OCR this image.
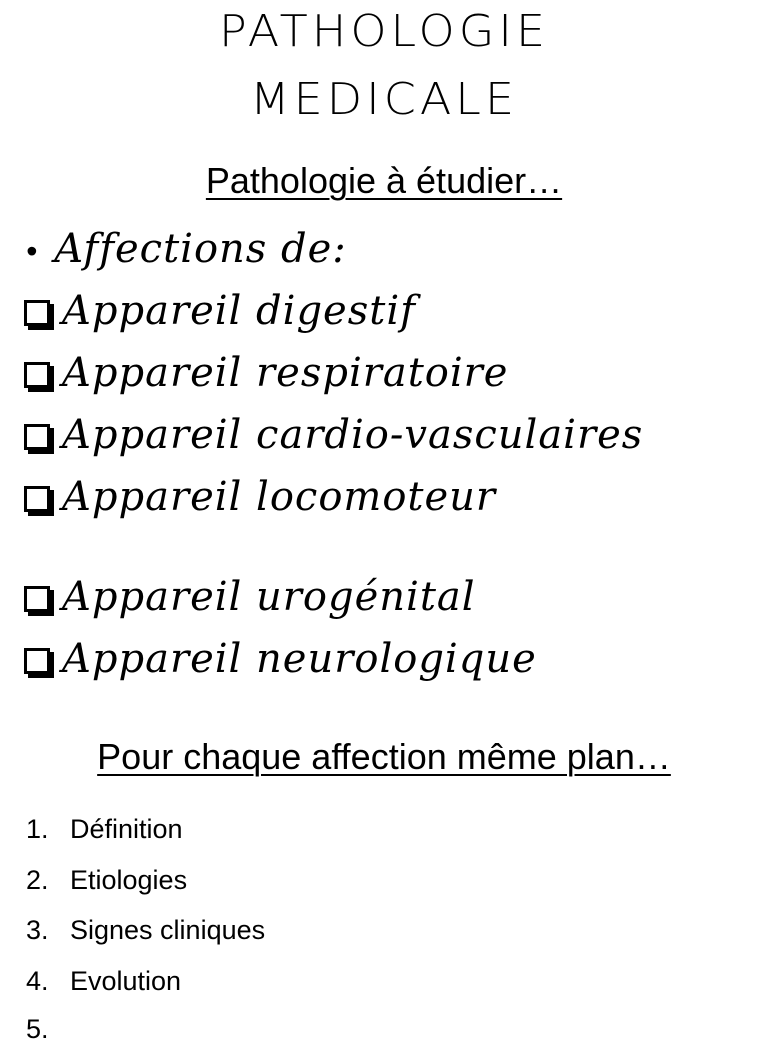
PATHOLOGIE
MEDICALE
Pathologie à étudier…
• Affections de:
Appareil digestif
Appareil respiratoire
Appareil cardio-vasculaires
Appareil locomoteur
Appareil urogénital
Appareil neurologique
Pour chaque affection même plan…
1. Définition
2. Etiologies
3. Signes cliniques
4. Evolution
5.
